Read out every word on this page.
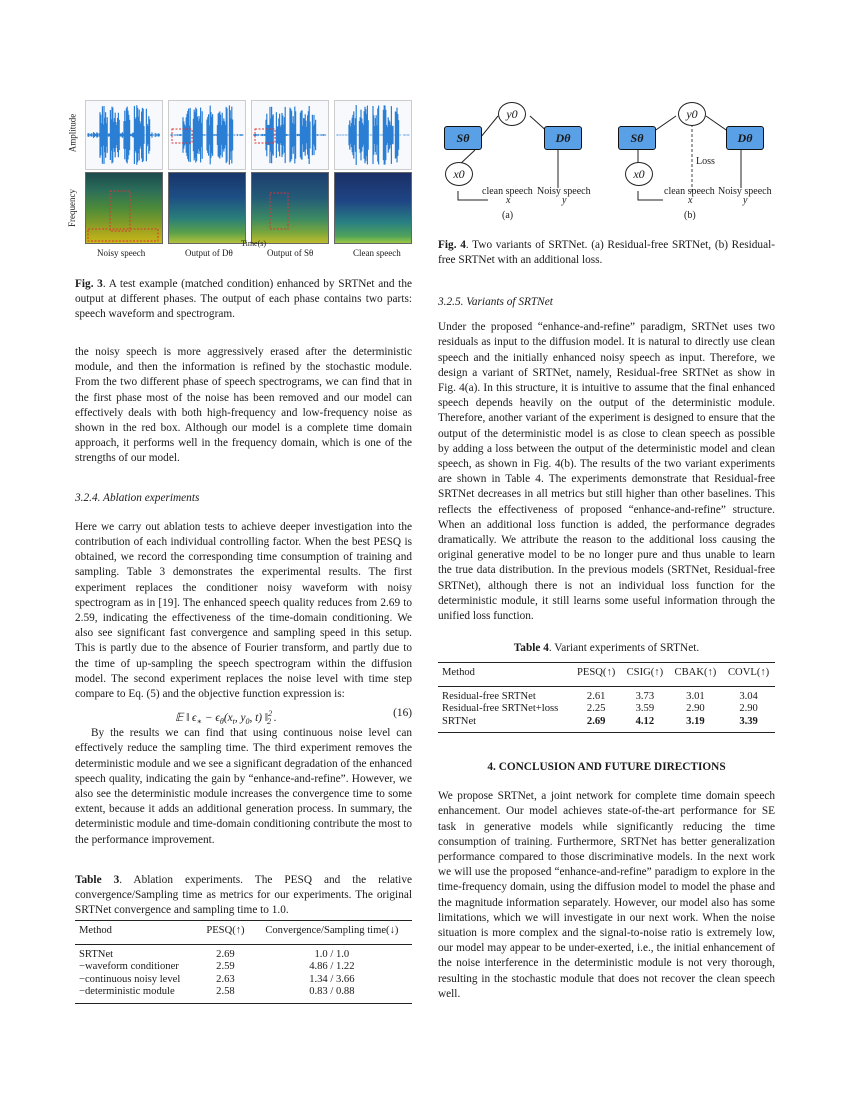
Amplitude
Frequency
Time(s)
Noisy speech	Output of Dθ	Output of Sθ	Clean speech

Fig. 3. A test example (matched condition) enhanced by SRTNet and the output at different phases. The output of each phase contains two parts: speech waveform and spectrogram.

the noisy speech is more aggressively erased after the deterministic module, and then the information is refined by the stochastic module. From the two different phase of speech spectrograms, we can find that in the first phase most of the noise has been removed and our model can effectively deals with both high-frequency and low-frequency noise as shown in the red box. Although our model is a complete time domain approach, it performs well in the frequency domain, which is one of the strengths of our model.

3.2.4. Ablation experiments

Here we carry out ablation tests to achieve deeper investigation into the contribution of each individual controlling factor. When the best PESQ is obtained, we record the corresponding time consumption of training and sampling. Table 3 demonstrates the experimental results. The first experiment replaces the conditioner noisy waveform with noisy spectrogram as in [19]. The enhanced speech quality reduces from 2.69 to 2.59, indicating the effectiveness of the time-domain conditioning. We also see significant fast convergence and sampling speed in this setup. This is partly due to the absence of Fourier transform, and partly due to the time of up-sampling the speech spectrogram within the diffusion model. The second experiment replaces the noise level with time step compare to Eq. (5) and the objective function expression is:

𝔼 ‖ $\epsilon_∗ - \epsilon_\theta(x_t$, $y_0$, t) ‖$^2_2$ .	(16)

By the results we can find that using continuous noise level can effectively reduce the sampling time. The third experiment removes the deterministic module and we see a significant degradation of the enhanced speech quality, indicating the gain by “enhance-and-refine”. However, we also see the deterministic module increases the convergence time to some extent, because it adds an additional generation process. In summary, the deterministic module and time-domain conditioning contribute the most to the performance improvement.

Table 3. Ablation experiments. The PESQ and the relative convergence/Sampling time as metrics for our experiments. The original SRTNet convergence and sampling time to 1.0.

Method	PESQ(↑)	Convergence/Sampling time(↓)
SRTNet	2.69	1.0 / 1.0
−waveform conditioner	2.59	4.86 / 1.22
−continuous noisy level	2.63	1.34 / 3.66
−deterministic module	2.58	0.83 / 0.88
y0
Sθ	Dθ
x0
clean speech Noisy speech
x	y
(a)
y0
Sθ	Dθ
x0
Loss
clean speech Noisy speech
x	y
(b)

Fig. 4. Two variants of SRTNet. (a) Residual-free SRTNet, (b) Residual-free SRTNet with an additional loss.

3.2.5. Variants of SRTNet

Under the proposed “enhance-and-refine” paradigm, SRTNet uses two residuals as input to the diffusion model. It is natural to directly use clean speech and the initially enhanced noisy speech as input. Therefore, we design a variant of SRTNet, namely, Residual-free SRTNet as show in Fig. 4(a). In this structure, it is intuitive to assume that the final enhanced speech depends heavily on the output of the deterministic module. Therefore, another variant of the experiment is designed to ensure that the output of the deterministic model is as close to clean speech as possible by adding a loss between the output of the deterministic model and clean speech, as shown in Fig. 4(b). The results of the two variant experiments are shown in Table 4. The experiments demonstrate that Residual-free SRTNet decreases in all metrics but still higher than other baselines. This reflects the effectiveness of proposed “enhance-and-refine” structure. When an additional loss function is added, the performance degrades dramatically. We attribute the reason to the additional loss causing the original generative model to be no longer pure and thus unable to learn the true data distribution. In the previous models (SRTNet, Residual-free SRTNet), although there is not an individual loss function for the deterministic module, it still learns some useful information through the unified loss function.

Table 4. Variant experiments of SRTNet.

Method	PESQ(↑)	CSIG(↑)	CBAK(↑)	COVL(↑)
Residual-free SRTNet	2.61	3.73	3.01	3.04
Residual-free SRTNet+loss	2.25	3.59	2.90	2.90
SRTNet	2.69	4.12	3.19	3.39

4. CONCLUSION AND FUTURE DIRECTIONS

We propose SRTNet, a joint network for complete time domain speech enhancement. Our model achieves state-of-the-art performance for SE task in generative models while significantly reducing the time consumption of training. Furthermore, SRTNet has better generalization performance compared to those discriminative models. In the next work we will use the proposed “enhance-and-refine” paradigm to explore in the time-frequency domain, using the diffusion model to model the phase and the magnitude information separately. However, our model also has some limitations, which we will investigate in our next work. When the noise situation is more complex and the signal-to-noise ratio is extremely low, our model may appear to be under-exerted, i.e., the initial enhancement of the noise interference in the deterministic module is not very thorough, resulting in the stochastic module that does not recover the clean speech well.
